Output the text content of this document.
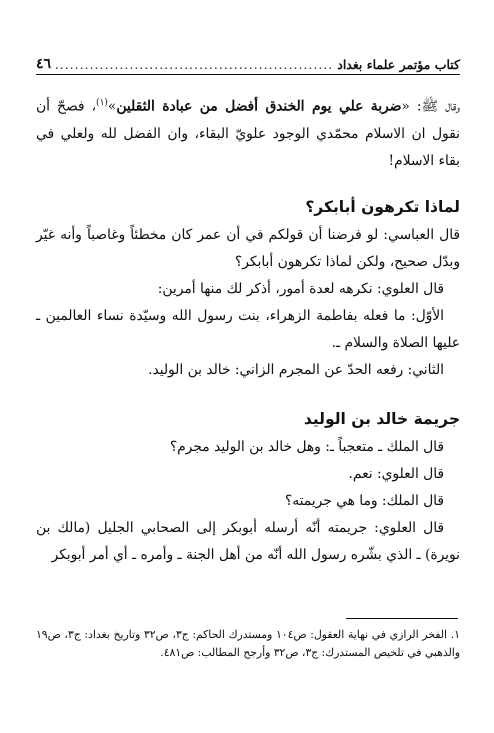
كتاب مؤتمر علماء بغداد
.....
٤٦

وقال ﷺ: «ضربة علي يوم الخندق أفضل من عبادة الثقلين»$^{(١)}$، فصحّ أن نقول ان الاسلام محمّدي الوجود علويّ البقاء، وان الفضل لله ولعلي في بقاء الاسلام!

لماذا تكرهون أبابكر؟

قال العباسي: لو فرضنا أن قولكم في أن عمر كان مخطئاً وغاصباً وأنه غيّر وبدّل صحيح، ولكن لماذا تكرهون أبابكر؟

قال العلوي: نكرهه لعدة أمور، أذكر لك منها أمرين:

الأوّل: ما فعله بفاطمة الزهراء، بنت رسول الله وسيّدة نساء العالمين ـ عليها الصلاة والسلام ـ.

الثاني: رفعه الحدّ عن المجرم الزاني: خالد بن الوليد.

جريمة خالد بن الوليد

قال الملك ـ متعجباً ـ: وهل خالد بن الوليد مجرم؟

قال العلوي: نعم.

قال الملك: وما هي جريمته؟

قال العلوي: جريمته أنّه أرسله أبوبكر إلى الصحابي الجليل (مالك بن نويرة) ـ الذي بشّره رسول الله أنّه من أهل الجنة ـ وأمره ـ أي أمر أبوبكر

١. الفخر الرازي في نهاية العقول: ص١٠٤ ومستدرك الحاكم: ج٣، ص٣٢ وتاريخ بغداد: ج٣، ص١٩ والذهبي في تلخيص المستدرك: ج٣، ص٣٢ وأرجح المطالب: ص٤٨١.
